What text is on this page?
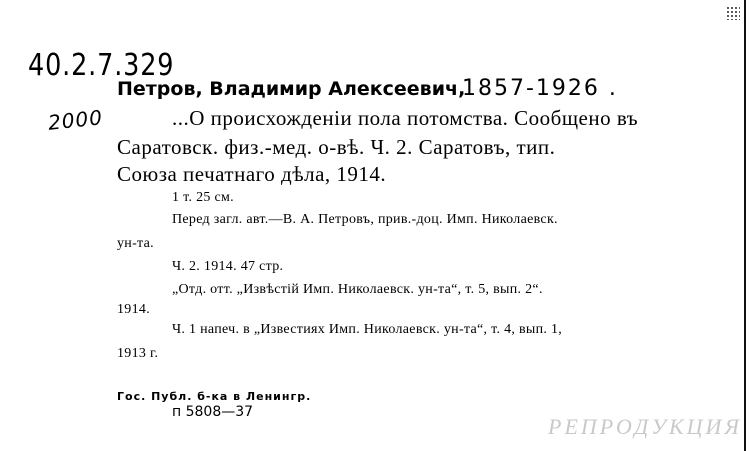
40.2.7.329
Петров, Владимир Алексеевич,
1857-1926 .
2000	...О происхожденіи пола потомства. Сообщено въ
Саратовск. физ.-мед. о-вѣ. Ч. 2. Саратовъ, тип.
Союза печатнаго дѣла, 1914.
1 т. 25 см.
Перед загл. авт.—В. А. Петровъ, прив.-доц. Имп. Николаевск.
ун-та.
Ч. 2. 1914. 47 стр.
„Отд. отт. „Извѣстій Имп. Николаевск. ун-та“, т. 5, вып. 2“.
1914.
Ч. 1 напеч. в „Известиях Имп. Николаевск. ун-та“, т. 4, вып. 1,
1913 г.
Гос. Публ. б-ка в Ленингр.
п 5808—37
РЕПРОДУКЦИЯ
